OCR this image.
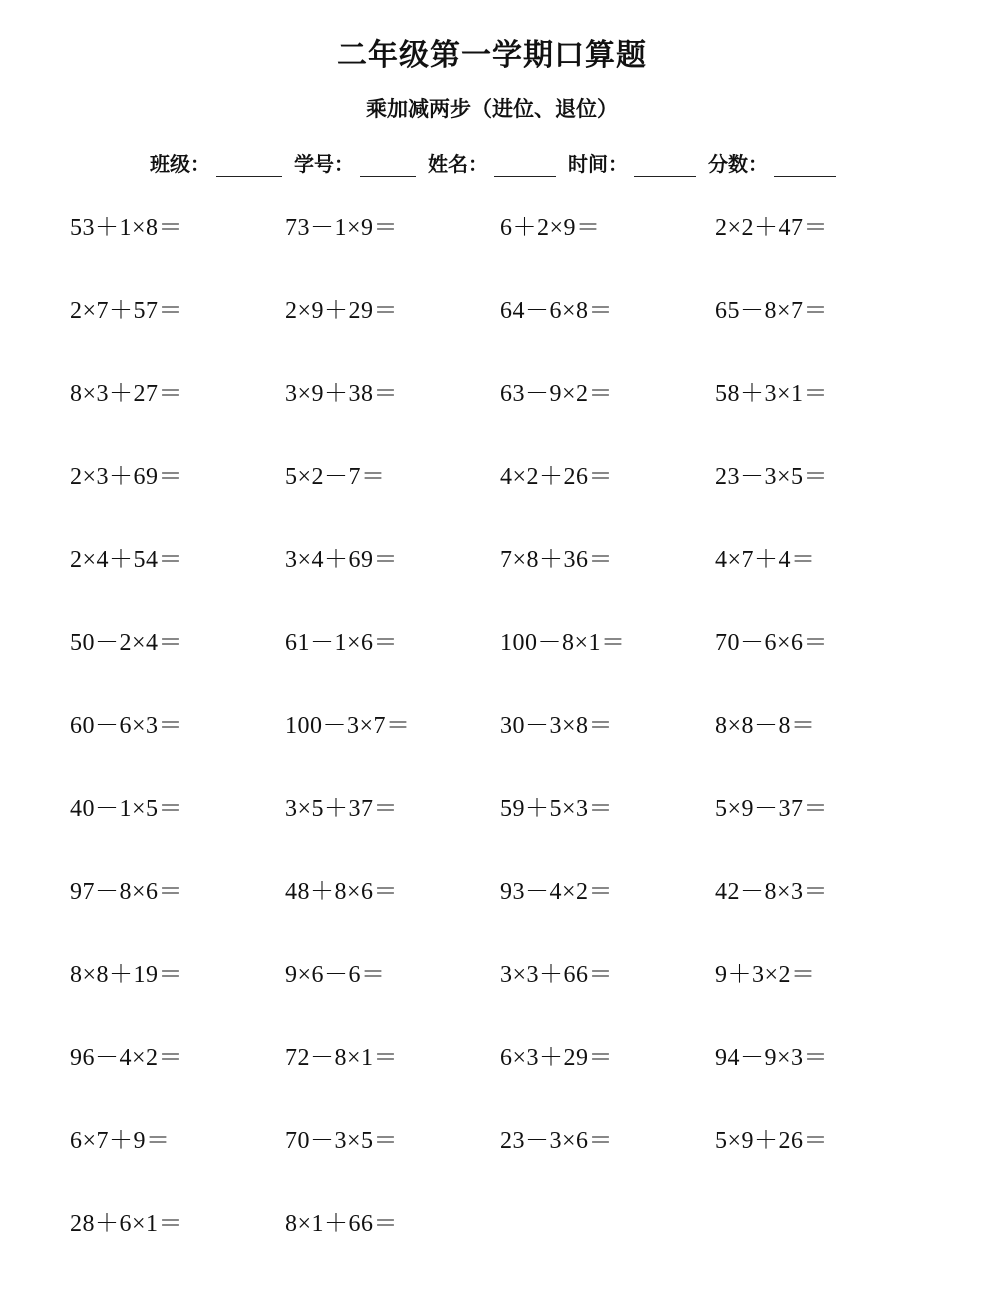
二年级第一学期口算题
乘加减两步（进位、退位）
班级：	学号：	姓名：	时间：	分数：
53＋1×8＝	73－1×9＝	6＋2×9＝	2×2＋47＝
2×7＋57＝	2×9＋29＝	64－6×8＝	65－8×7＝
8×3＋27＝	3×9＋38＝	63－9×2＝	58＋3×1＝
2×3＋69＝	5×2－7＝	4×2＋26＝	23－3×5＝
2×4＋54＝	3×4＋69＝	7×8＋36＝	4×7＋4＝
50－2×4＝	61－1×6＝	100－8×1＝	70－6×6＝
60－6×3＝	100－3×7＝	30－3×8＝	8×8－8＝
40－1×5＝	3×5＋37＝	59＋5×3＝	5×9－37＝
97－8×6＝	48＋8×6＝	93－4×2＝	42－8×3＝
8×8＋19＝	9×6－6＝	3×3＋66＝	9＋3×2＝
96－4×2＝	72－8×1＝	6×3＋29＝	94－9×3＝
6×7＋9＝	70－3×5＝	23－3×6＝	5×9＋26＝
28＋6×1＝	8×1＋66＝
